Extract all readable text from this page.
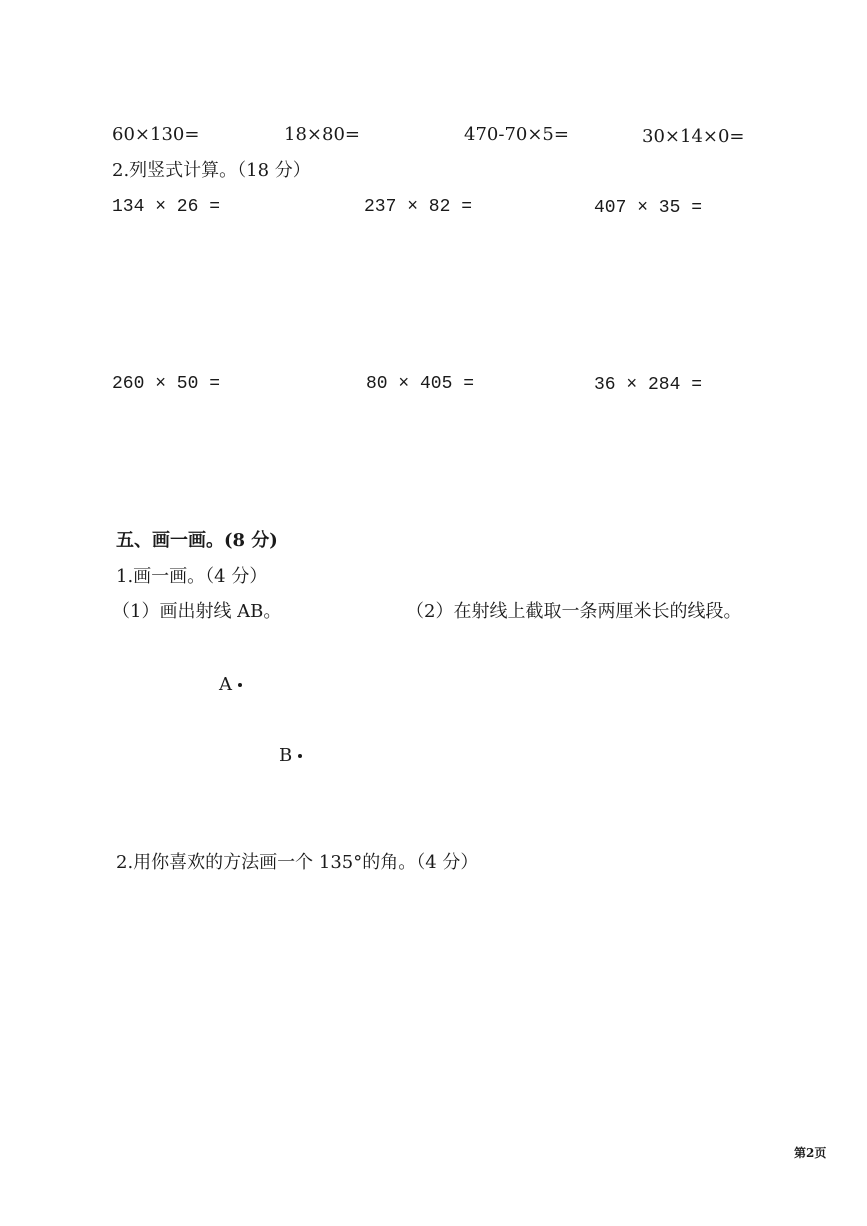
60×130=	18×80=	470-70×5=	30×14×0=
2.列竖式计算。（18 分）
134 × 26 =	237 × 82 =	407 × 35 =
260 × 50 =	80 × 405 =	36 × 284 =
五、画一画。(8 分)
1.画一画。（4 分）
（1）画出射线 AB。	（2）在射线上截取一条两厘米长的线段。
A
B
2.用你喜欢的方法画一个 135°的角。（4 分）
第2页
